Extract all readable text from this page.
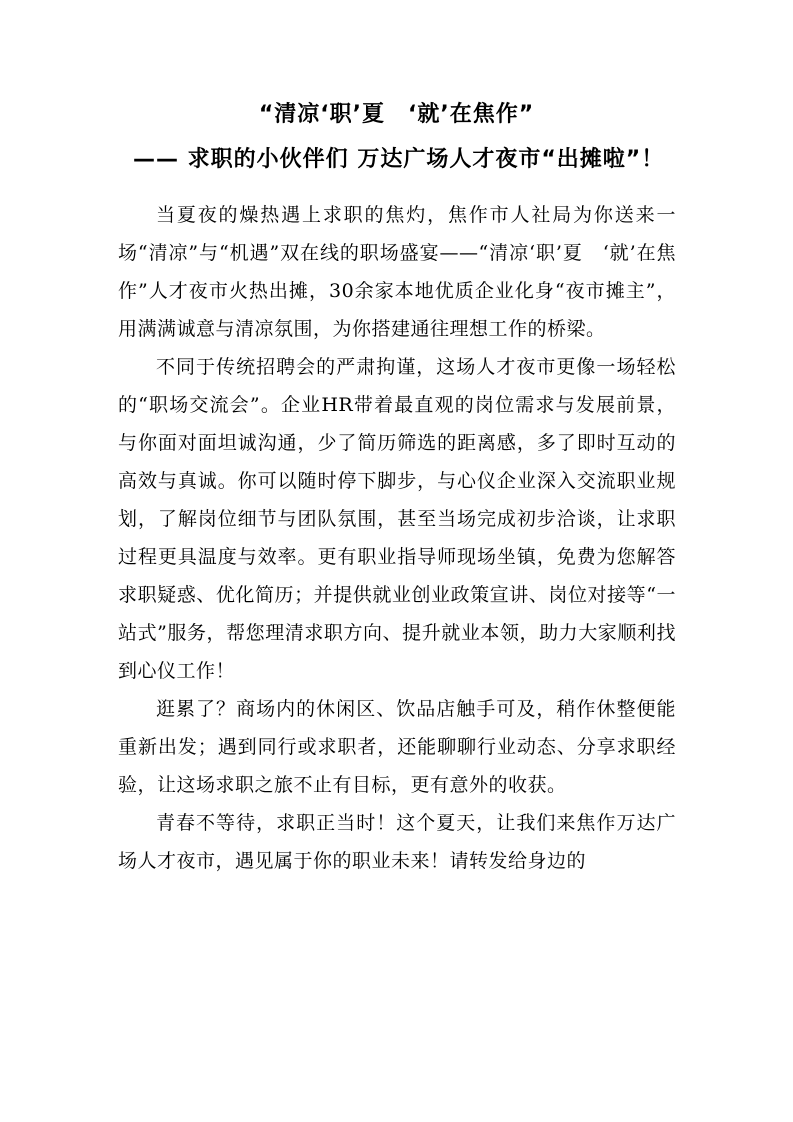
“清凉‘职’夏　‘就’在焦作”
—— 求职的小伙伴们 万达广场人才夜市“出摊啦”！

当夏夜的燥热遇上求职的焦灼，焦作市人社局为你送来一场“清凉”与“机遇”双在线的职场盛宴——“清凉‘职’夏　‘就’在焦作”人才夜市火热出摊，30余家本地优质企业化身“夜市摊主”，用满满诚意与清凉氛围，为你搭建通往理想工作的桥梁。

不同于传统招聘会的严肃拘谨，这场人才夜市更像一场轻松的“职场交流会”。企业HR带着最直观的岗位需求与发展前景，与你面对面坦诚沟通，少了简历筛选的距离感，多了即时互动的高效与真诚。你可以随时停下脚步，与心仪企业深入交流职业规划，了解岗位细节与团队氛围，甚至当场完成初步洽谈，让求职过程更具温度与效率。更有职业指导师现场坐镇，免费为您解答求职疑惑、优化简历；并提供就业创业政策宣讲、岗位对接等“一站式”服务，帮您理清求职方向、提升就业本领，助力大家顺利找到心仪工作！

逛累了？商场内的休闲区、饮品店触手可及，稍作休整便能重新出发；遇到同行或求职者，还能聊聊行业动态、分享求职经验，让这场求职之旅不止有目标，更有意外的收获。

青春不等待，求职正当时！这个夏天，让我们来焦作万达广场人才夜市，遇见属于你的职业未来！请转发给身边的
